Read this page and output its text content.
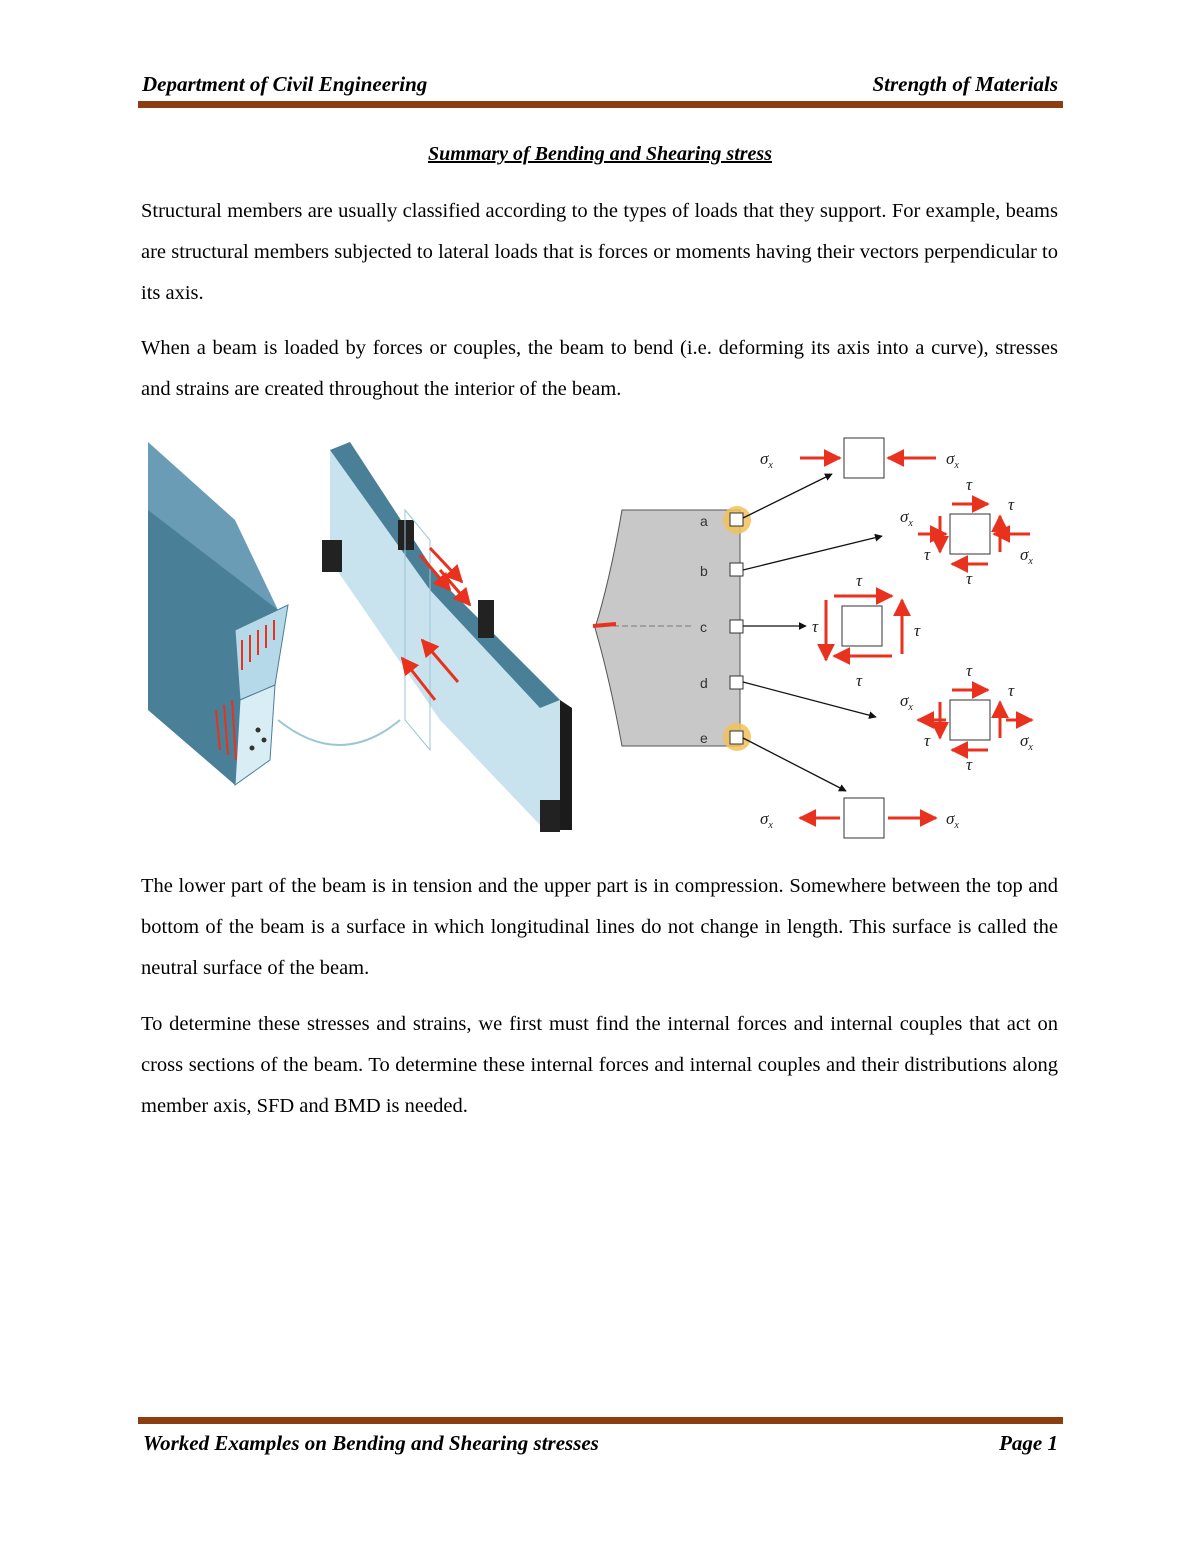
Department of Civil Engineering	Strength of Materials
Summary of Bending and Shearing stress

Structural members are usually classified according to the types of loads that they support. For example, beams are structural members subjected to lateral loads that is forces or moments having their vectors perpendicular to its axis.

When a beam is loaded by forces or couples, the beam to bend (i.e. deforming its axis into a curve), stresses and strains are created throughout the interior of the beam.

a
b
c
d
e
$\sigma_x$	$\sigma_x$
τ
τ	τ
τ
$\sigma_x$
$\sigma_x$
τ
τ
τ
τ
$\sigma_x$
$\sigma_x$
τ
τ
τ
τ
$\sigma_x$	$\sigma_x$

The lower part of the beam is in tension and the upper part is in compression. Somewhere between the top and bottom of the beam is a surface in which longitudinal lines do not change in length. This surface is called the neutral surface of the beam.

To determine these stresses and strains, we first must find the internal forces and internal couples that act on cross sections of the beam. To determine these internal forces and internal couples and their distributions along member axis, SFD and BMD is needed.

Worked Examples on Bending and Shearing stresses	Page 1
